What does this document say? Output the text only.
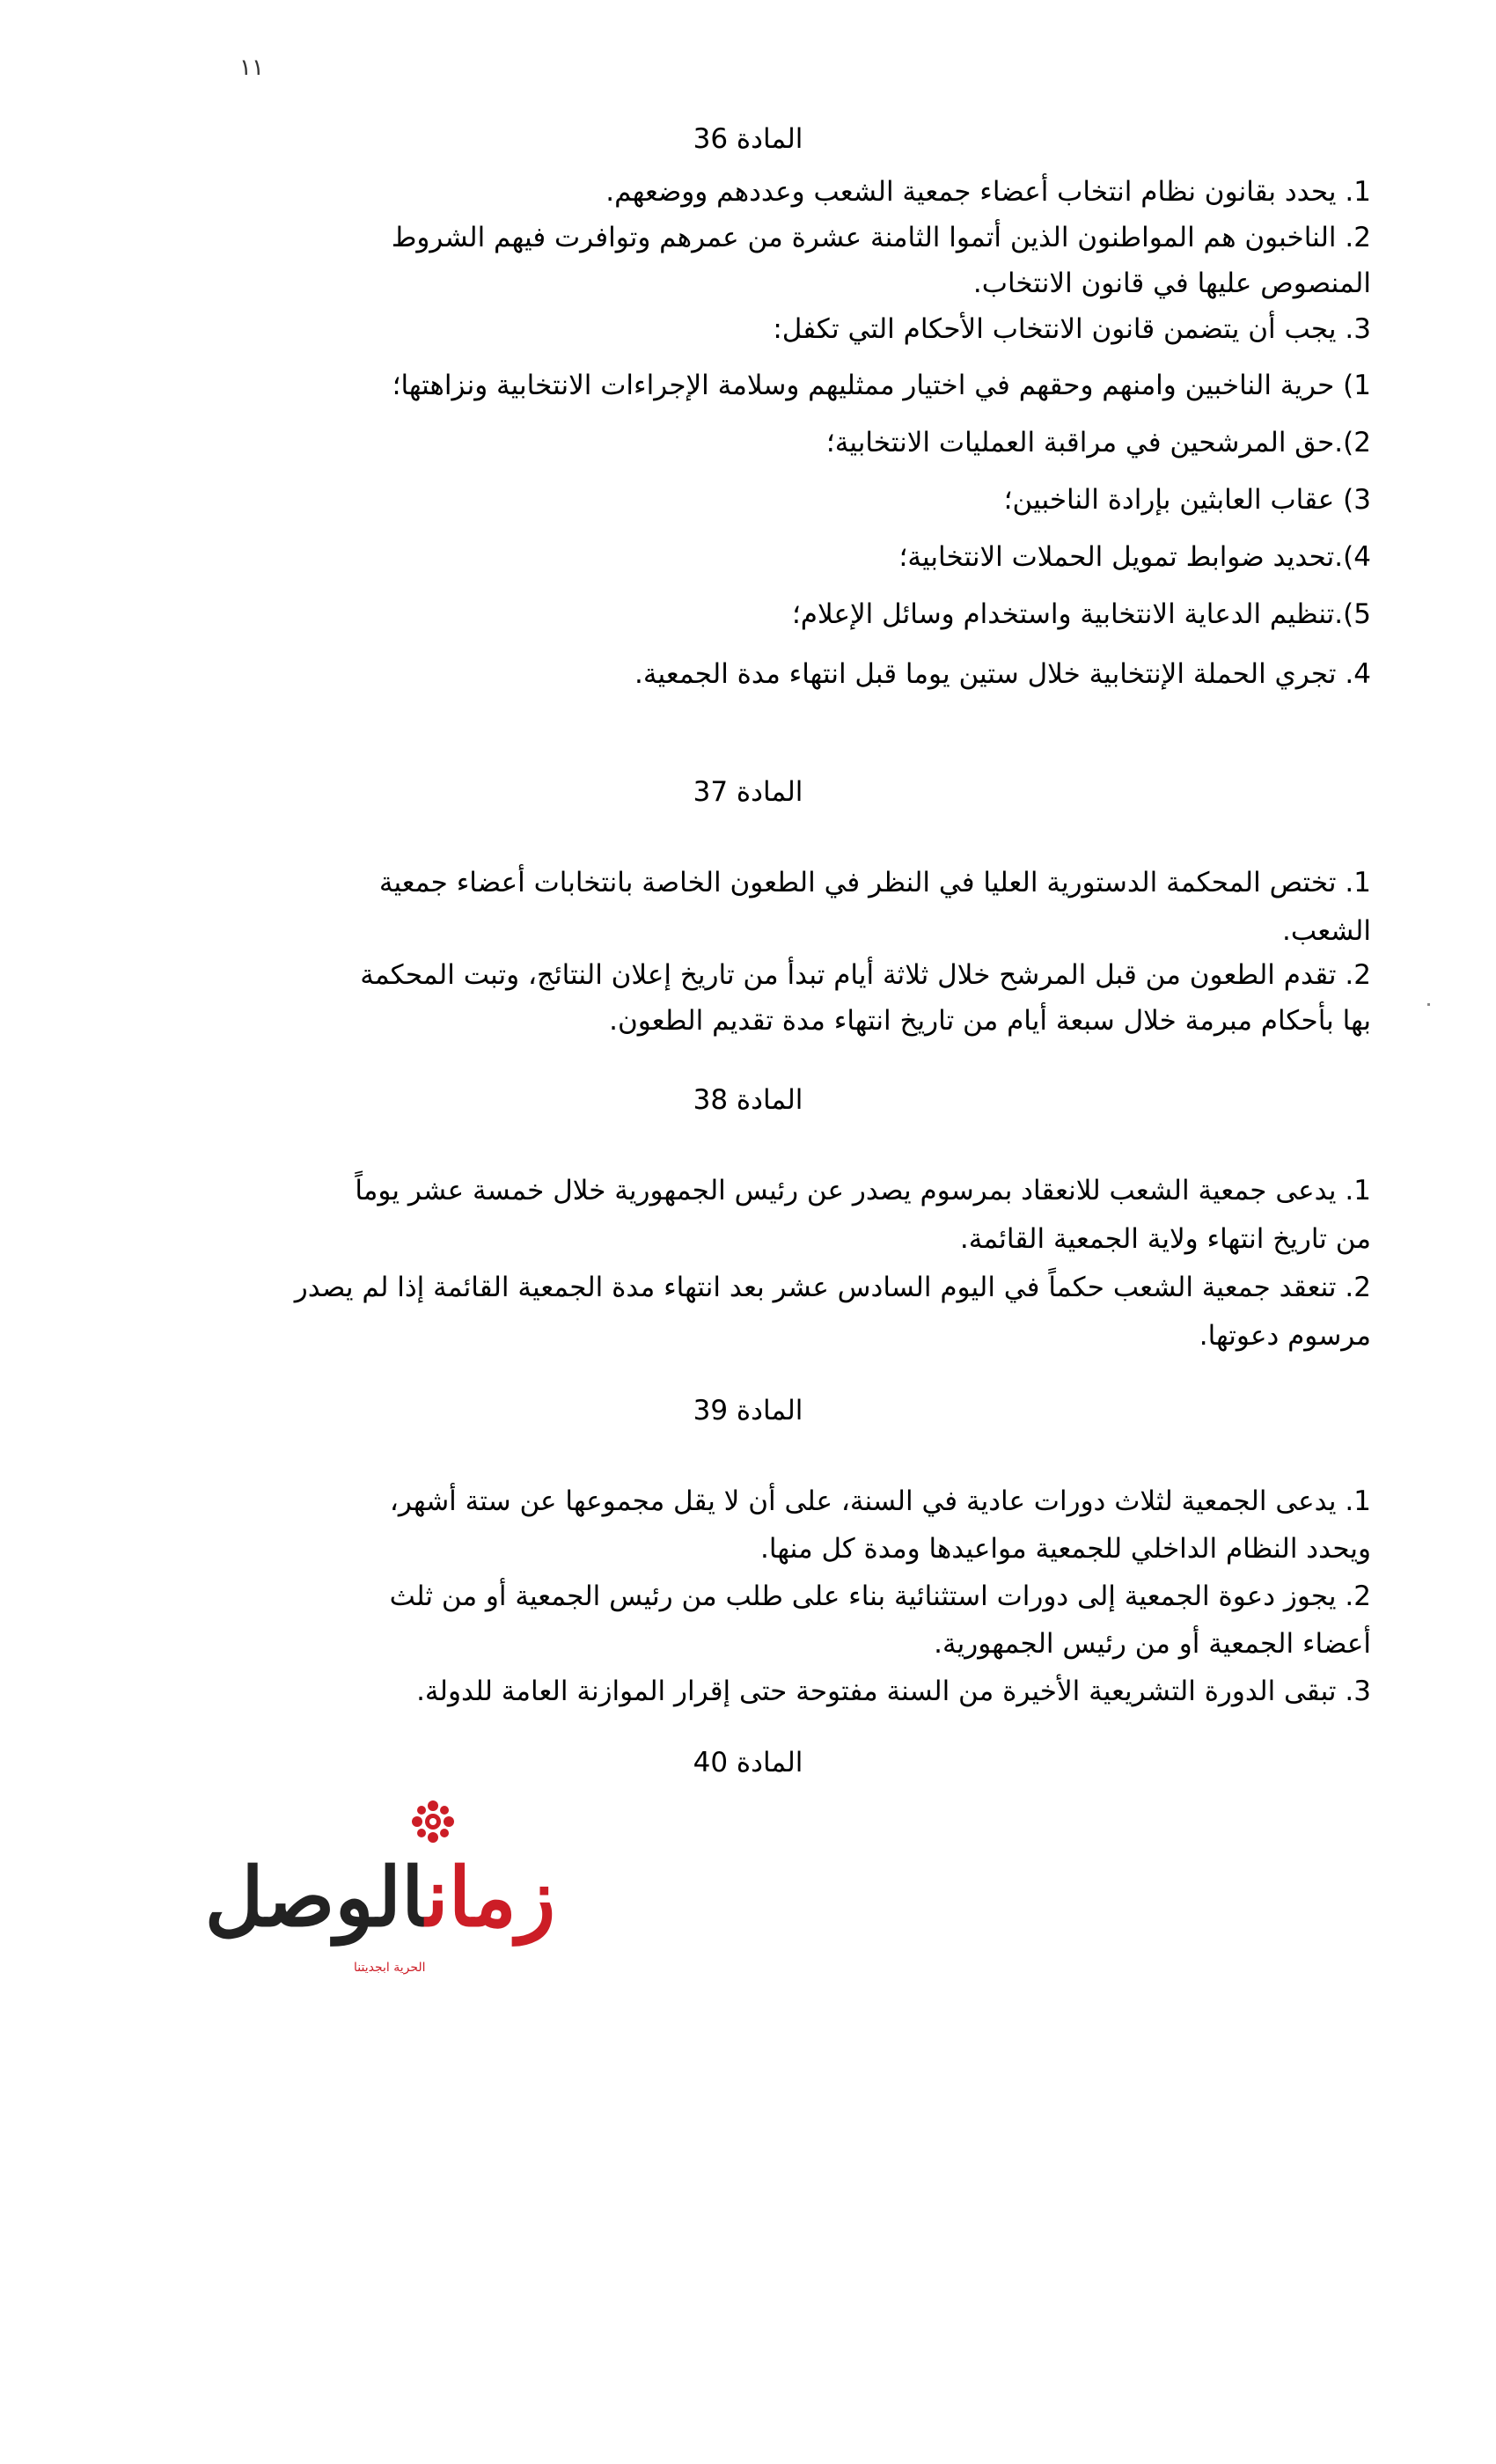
١١
المادة 36
1. يحدد بقانون نظام انتخاب أعضاء جمعية الشعب وعددهم ووضعهم.
2. الناخبون هم المواطنون الذين أتموا الثامنة عشرة من عمرهم وتوافرت فيهم الشروط
المنصوص عليها في قانون الانتخاب.
3. يجب أن يتضمن قانون الانتخاب الأحكام التي تكفل:
1) حرية الناخبين وامنهم وحقهم في اختيار ممثليهم وسلامة الإجراءات الانتخابية ونزاهتها؛
2).حق المرشحين في مراقبة العمليات الانتخابية؛
3) عقاب العابثين بإرادة الناخبين؛
4).تحديد ضوابط تمويل الحملات الانتخابية؛
5).تنظيم الدعاية الانتخابية واستخدام وسائل الإعلام؛
4. تجري الحملة الإنتخابية خلال ستين يوما قبل انتهاء مدة الجمعية.
المادة 37
1. تختص المحكمة الدستورية العليا في النظر في الطعون الخاصة بانتخابات أعضاء جمعية
الشعب.
2. تقدم الطعون من قبل المرشح خلال ثلاثة أيام تبدأ من تاريخ إعلان النتائج، وتبت المحكمة
بها بأحكام مبرمة خلال سبعة أيام من تاريخ انتهاء مدة تقديم الطعون.
المادة 38
1. يدعى جمعية الشعب للانعقاد بمرسوم يصدر عن رئيس الجمهورية خلال خمسة عشر يوماً
من تاريخ انتهاء ولاية الجمعية القائمة.
2. تنعقد جمعية الشعب حكماً في اليوم السادس عشر بعد انتهاء مدة الجمعية القائمة إذا لم يصدر
مرسوم دعوتها.
المادة 39
1. يدعى الجمعية لثلاث دورات عادية في السنة، على أن لا يقل مجموعها عن ستة أشهر،
ويحدد النظام الداخلي للجمعية مواعيدها ومدة كل منها.
2. يجوز دعوة الجمعية إلى دورات استثنائية بناء على طلب من رئيس الجمعية أو من ثلث
أعضاء الجمعية أو من رئيس الجمهورية.
3. تبقى الدورة التشريعية الأخيرة من السنة مفتوحة حتى إقرار الموازنة العامة للدولة.
المادة 40
زمانالوصل
الحرية ابجديتنا
